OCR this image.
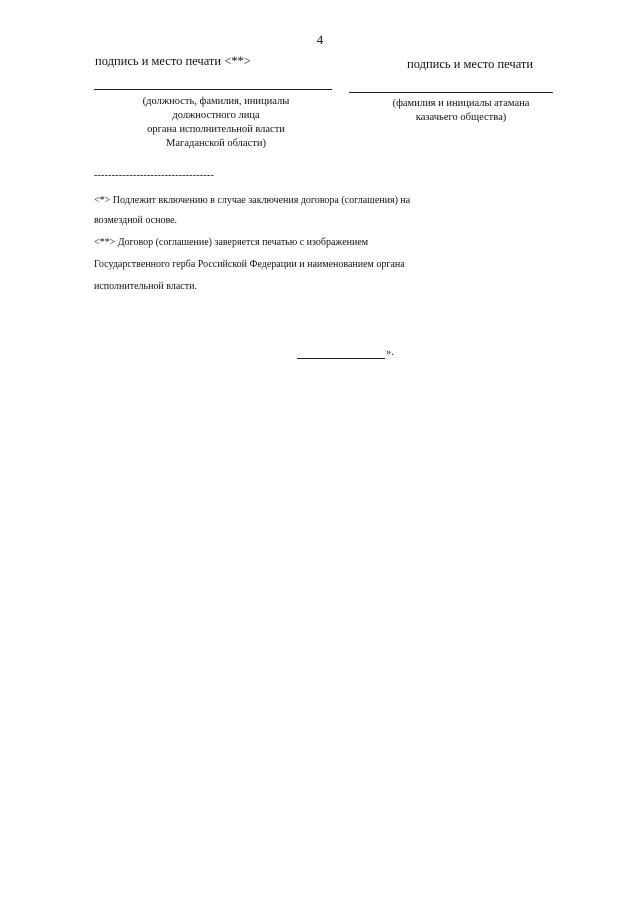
4
подпись и место печати <**>
(должность, фамилия, инициалы
должностного лица
органа исполнительной власти
Магаданской области)
подпись и место печати
(фамилия и инициалы атамана
казачьего общества)
----------------------------------
<*> Подлежит включению в случае заключения договора (соглашения) на
возмездной основе.
<**> Договор (соглашение) заверяется печатью с изображением
Государственного герба Российской Федерации и наименованием органа
исполнительной власти.
».
